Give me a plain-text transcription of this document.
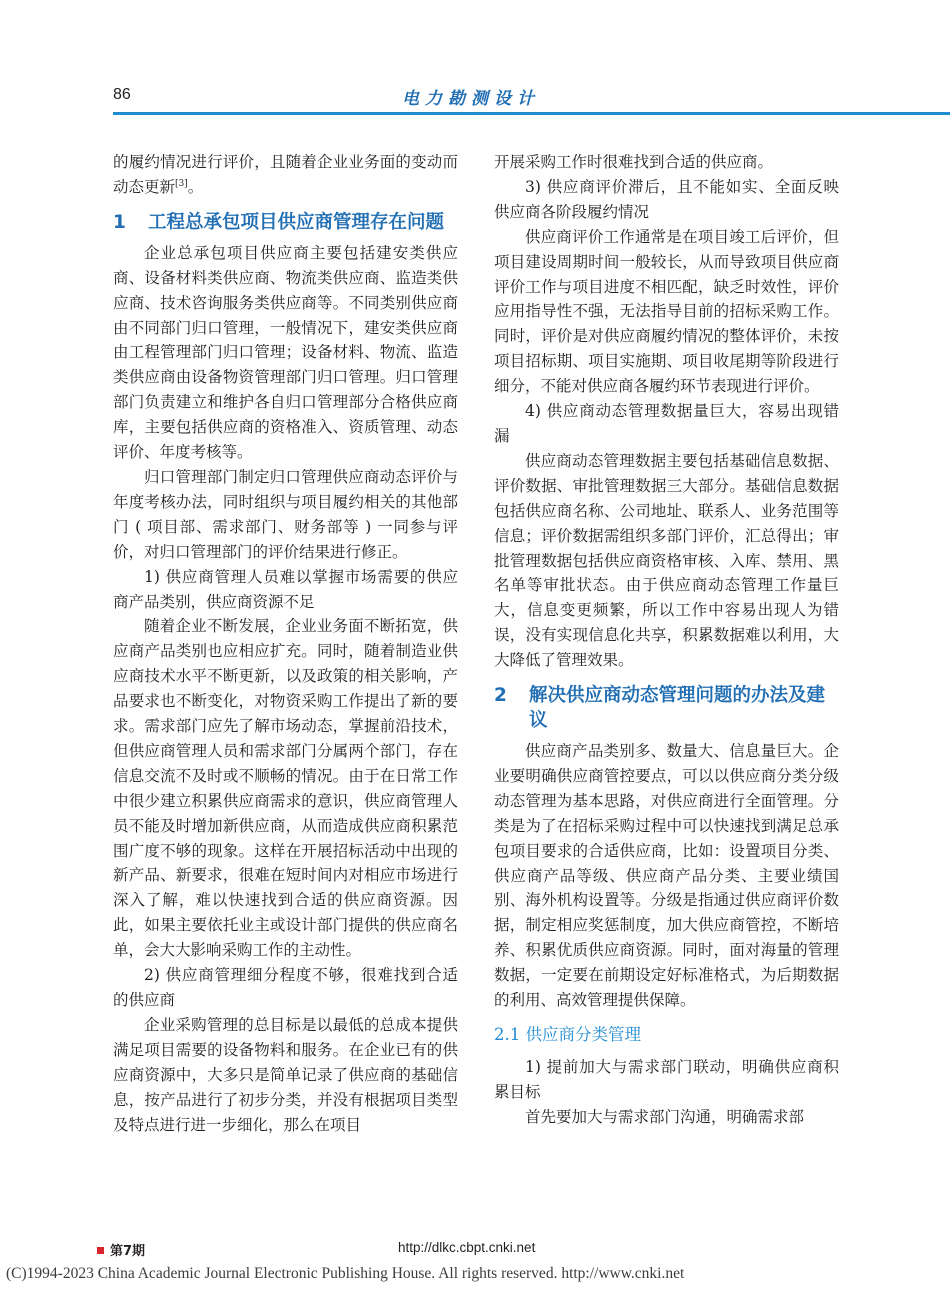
86	电力勘测设计

的履约情况进行评价，且随着企业业务面的变动而动态更新[3]。

1 工程总承包项目供应商管理存在问题

企业总承包项目供应商主要包括建安类供应商、设备材料类供应商、物流类供应商、监造类供应商、技术咨询服务类供应商等。不同类别供应商由不同部门归口管理，一般情况下，建安类供应商由工程管理部门归口管理；设备材料、物流、监造类供应商由设备物资管理部门归口管理。归口管理部门负责建立和维护各自归口管理部分合格供应商库，主要包括供应商的资格准入、资质管理、动态评价、年度考核等。

归口管理部门制定归口管理供应商动态评价与年度考核办法，同时组织与项目履约相关的其他部门 ( 项目部、需求部门、财务部等 ) 一同参与评价，对归口管理部门的评价结果进行修正。

1) 供应商管理人员难以掌握市场需要的供应商产品类别，供应商资源不足

随着企业不断发展，企业业务面不断拓宽，供应商产品类别也应相应扩充。同时，随着制造业供应商技术水平不断更新，以及政策的相关影响，产品要求也不断变化，对物资采购工作提出了新的要求。需求部门应先了解市场动态，掌握前沿技术，但供应商管理人员和需求部门分属两个部门，存在信息交流不及时或不顺畅的情况。由于在日常工作中很少建立积累供应商需求的意识，供应商管理人员不能及时增加新供应商，从而造成供应商积累范围广度不够的现象。这样在开展招标活动中出现的新产品、新要求，很难在短时间内对相应市场进行深入了解，难以快速找到合适的供应商资源。因此，如果主要依托业主或设计部门提供的供应商名单，会大大影响采购工作的主动性。

2) 供应商管理细分程度不够，很难找到合适的供应商

企业采购管理的总目标是以最低的总成本提供满足项目需要的设备物料和服务。在企业已有的供应商资源中，大多只是简单记录了供应商的基础信息，按产品进行了初步分类，并没有根据项目类型及特点进行进一步细化，那么在项目

开展采购工作时很难找到合适的供应商。

3) 供应商评价滞后，且不能如实、全面反映供应商各阶段履约情况

供应商评价工作通常是在项目竣工后评价，但项目建设周期时间一般较长，从而导致项目供应商评价工作与项目进度不相匹配，缺乏时效性，评价应用指导性不强，无法指导目前的招标采购工作。同时，评价是对供应商履约情况的整体评价，未按项目招标期、项目实施期、项目收尾期等阶段进行细分，不能对供应商各履约环节表现进行评价。

4) 供应商动态管理数据量巨大，容易出现错漏

供应商动态管理数据主要包括基础信息数据、评价数据、审批管理数据三大部分。基础信息数据包括供应商名称、公司地址、联系人、业务范围等信息；评价数据需组织多部门评价，汇总得出；审批管理数据包括供应商资格审核、入库、禁用、黑名单等审批状态。由于供应商动态管理工作量巨大，信息变更频繁，所以工作中容易出现人为错误，没有实现信息化共享，积累数据难以利用，大大降低了管理效果。

2 解决供应商动态管理问题的办法及建议

供应商产品类别多、数量大、信息量巨大。企业要明确供应商管控要点，可以以供应商分类分级动态管理为基本思路，对供应商进行全面管理。分类是为了在招标采购过程中可以快速找到满足总承包项目要求的合适供应商，比如：设置项目分类、供应商产品等级、供应商产品分类、主要业绩国别、海外机构设置等。分级是指通过供应商评价数据，制定相应奖惩制度，加大供应商管控，不断培养、积累优质供应商资源。同时，面对海量的管理数据，一定要在前期设定好标准格式，为后期数据的利用、高效管理提供保障。

2.1 供应商分类管理

1) 提前加大与需求部门联动，明确供应商积累目标

首先要加大与需求部门沟通，明确需求部

第7期	http://dlkc.cbpt.cnki.net
(C)1994-2023 China Academic Journal Electronic Publishing House. All rights reserved. http://www.cnki.net
